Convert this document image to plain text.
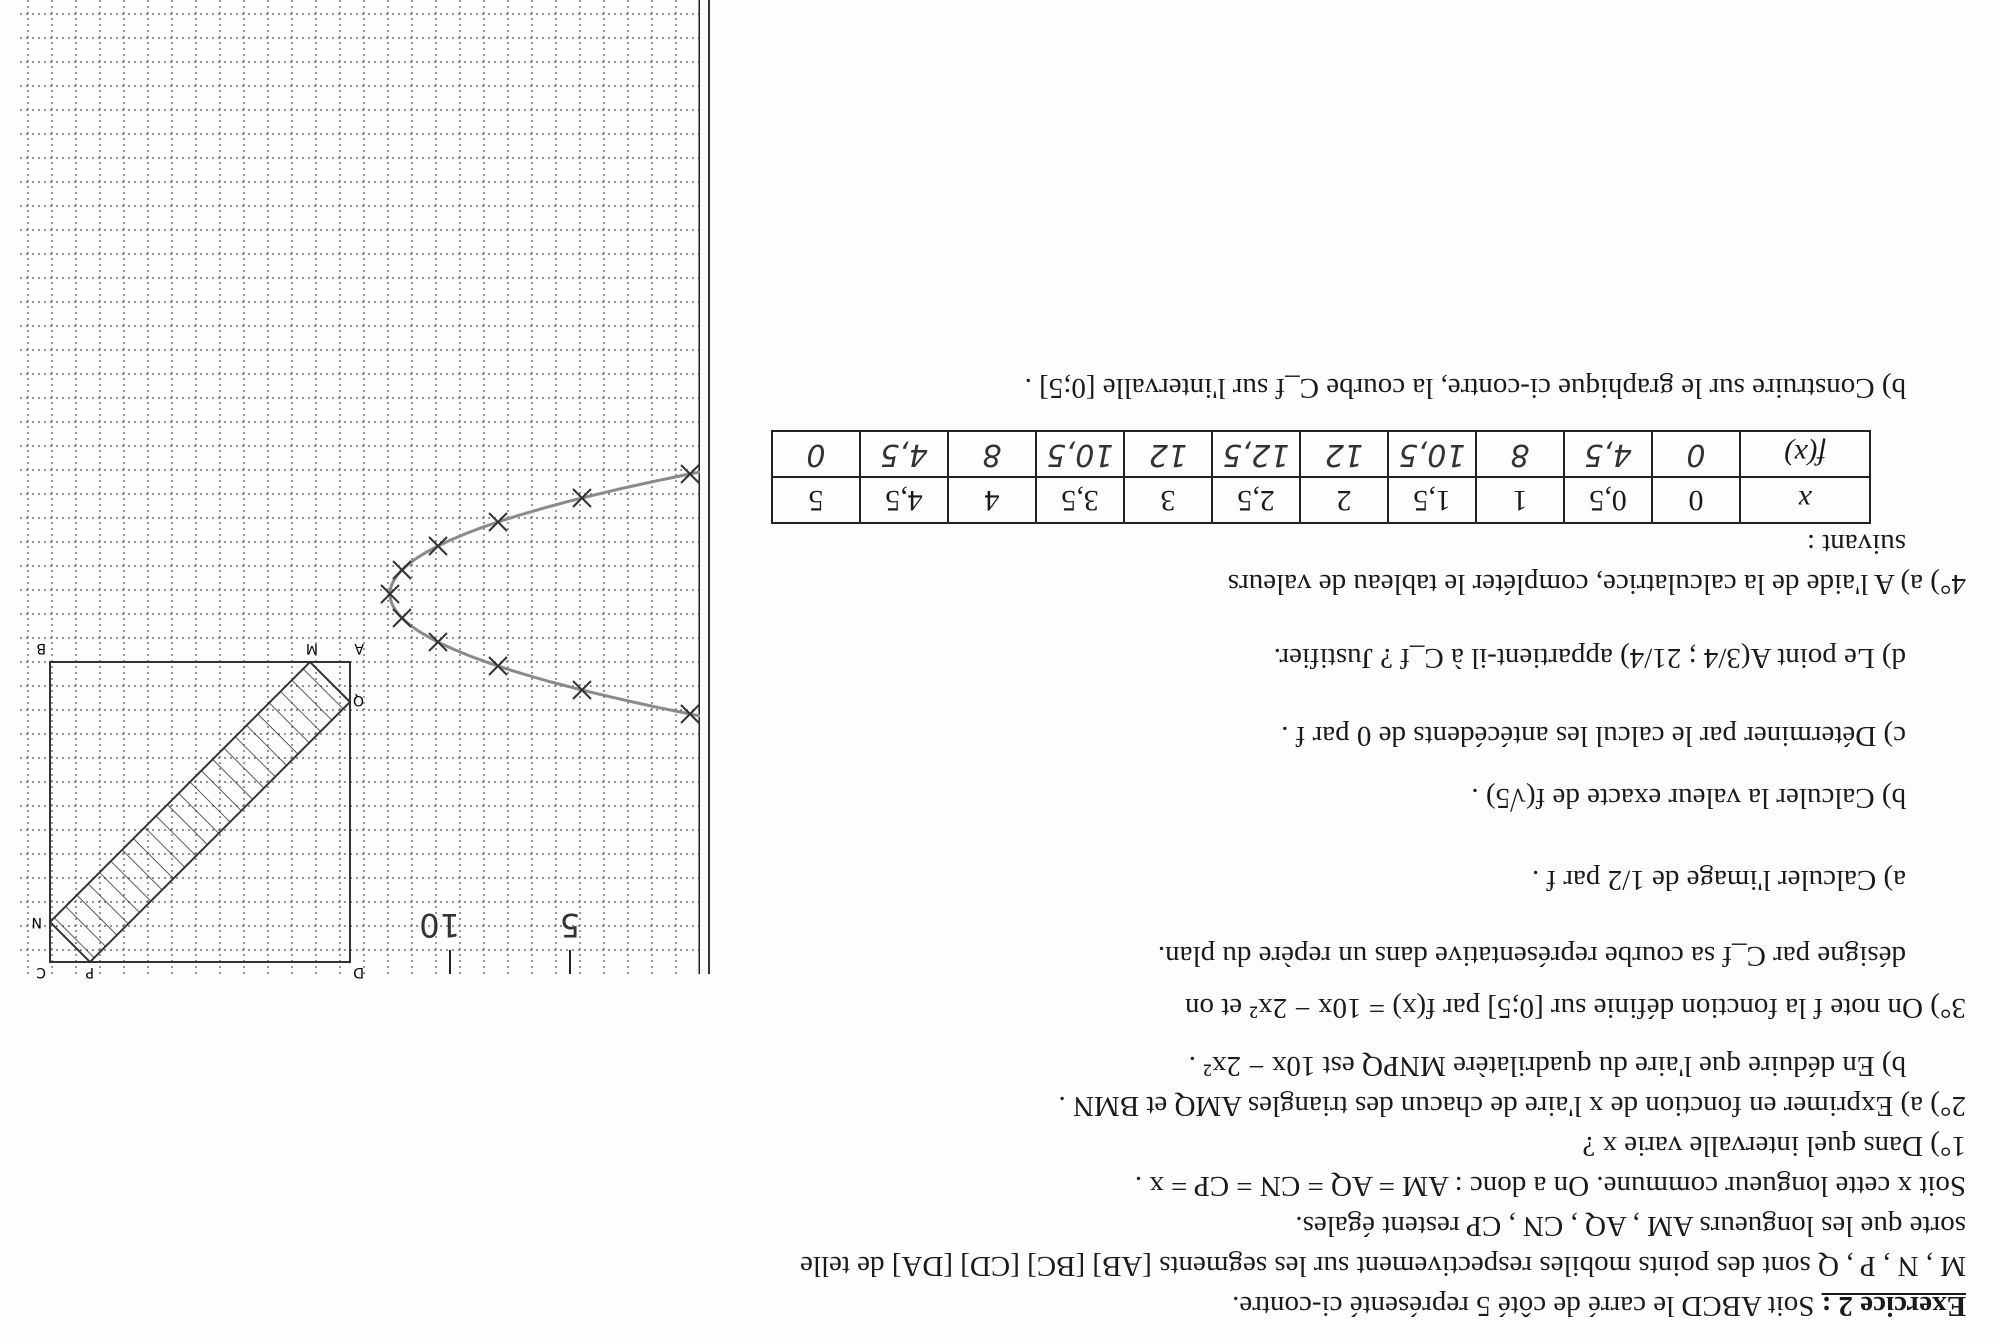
Exercice 2 : Soit ABCD le carré de côté 5 représenté ci-contre.
M , N , P , Q sont des points mobiles respectivement sur les segments [AB] [BC] [CD] [DA] de telle
sorte que les longueurs AM , AQ , CN , CP restent égales.
Soit x cette longueur commune. On a donc : AM = AQ = CN = CP = x .
1°) Dans quel intervalle varie x ?
2°) a) Exprimer en fonction de x l'aire de chacun des triangles AMQ et BMN .
b) En déduire que l'aire du quadrilatère MNPQ est 10x − 2x² .
3°) On note f la fonction définie sur [0;5] par f(x) = 10x − 2x² et on
désigne par C_f sa courbe représentative dans un repère du plan.
a) Calculer l'image de 1/2 par f .
b) Calculer la valeur exacte de f(√5) .
c) Déterminer par le calcul les antécédents de 0 par f .
d) Le point A(3/4 ; 21/4) appartient-il à C_f ? Justifier.
4°) a) A l'aide de la calculatrice, compléter le tableau de valeurs
suivant :
x	0	0,5	1	1,5	2	2,5	3	3,5	4	4,5	5
f(x)	0	4,5	8	10,5	12	12,5	12	10,5	8	4,5	0
b) Construire sur le graphique ci-contre, la courbe C_f sur l'intervalle [0;5] .
5
10
A
B
C	D
M
N
P
Q
